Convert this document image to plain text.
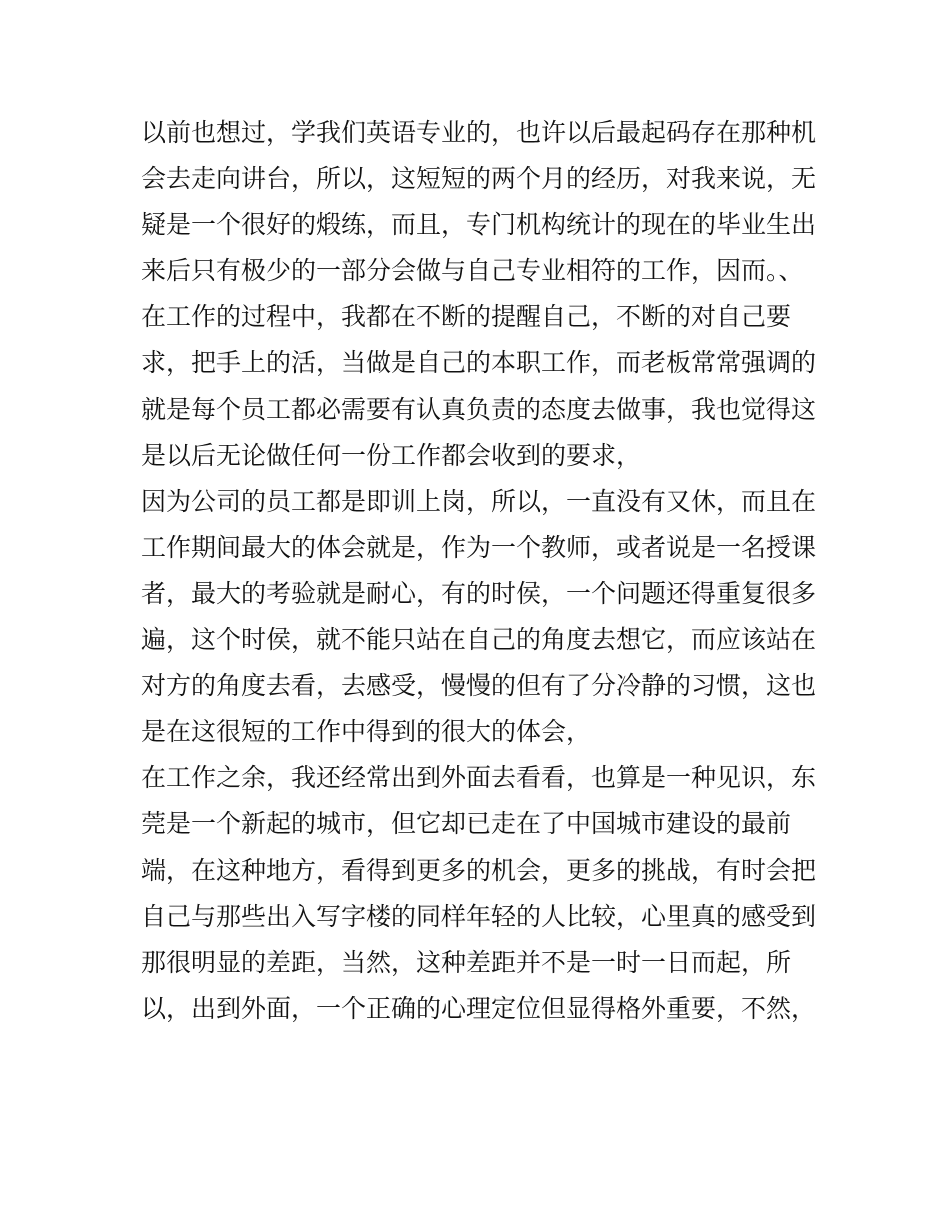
以前也想过，学我们英语专业的，也许以后最起码存在那种机
会去走向讲台，所以，这短短的两个月的经历，对我来说，无
疑是一个很好的煅练，而且，专门机构统计的现在的毕业生出
来后只有极少的一部分会做与自己专业相符的工作，因而。、
在工作的过程中，我都在不断的提醒自己，不断的对自己要
求，把手上的活，当做是自己的本职工作，而老板常常强调的
就是每个员工都必需要有认真负责的态度去做事，我也觉得这
是以后无论做任何一份工作都会收到的要求，
因为公司的员工都是即训上岗，所以，一直没有又休，而且在
工作期间最大的体会就是，作为一个教师，或者说是一名授课
者，最大的考验就是耐心，有的时侯，一个问题还得重复很多
遍，这个时侯，就不能只站在自己的角度去想它，而应该站在
对方的角度去看，去感受，慢慢的但有了分冷静的习惯，这也
是在这很短的工作中得到的很大的体会，
在工作之余，我还经常出到外面去看看，也算是一种见识，东
莞是一个新起的城市，但它却已走在了中国城市建设的最前
端，在这种地方，看得到更多的机会，更多的挑战，有时会把
自己与那些出入写字楼的同样年轻的人比较，心里真的感受到
那很明显的差距，当然，这种差距并不是一时一日而起，所
以，出到外面，一个正确的心理定位但显得格外重要，不然，
